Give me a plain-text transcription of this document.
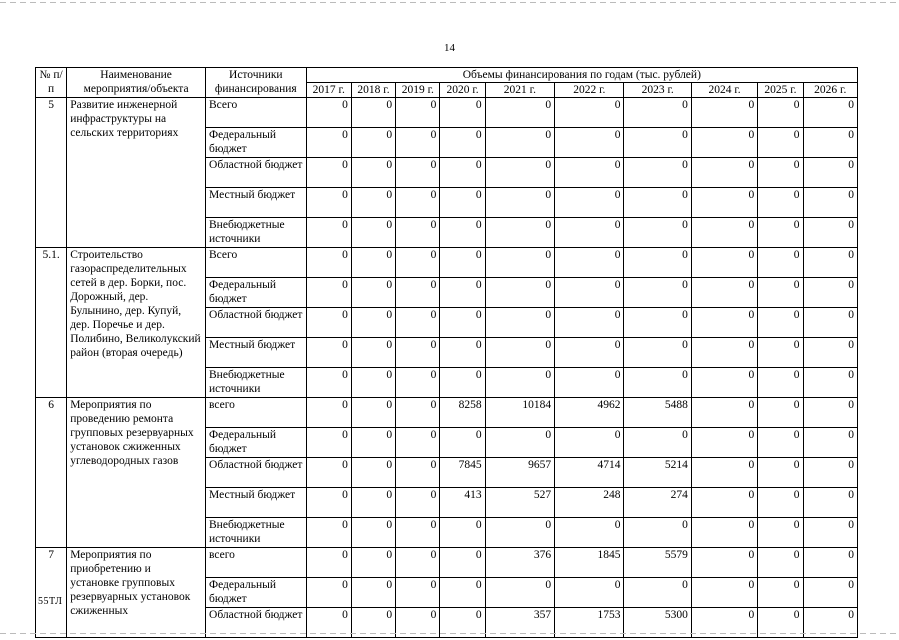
14
№ п/п	Наименование мероприятия/объекта	Источники финансирования	Объемы финансирования по годам (тыс. рублей)									
			2017 г.	2018 г.	2019 г.	2020 г.	2021 г.	2022 г.	2023 г.	2024 г.	2025 г.	2026 г.
5	Развитие инженерной инфраструктуры на сельских территориях	Всего	0	0	0	0	0	0	0	0	0	0
		Федеральный бюджет	0	0	0	0	0	0	0	0	0	0
		Областной бюджет	0	0	0	0	0	0	0	0	0	0
		Местный бюджет	0	0	0	0	0	0	0	0	0	0
		Внебюджетные источники	0	0	0	0	0	0	0	0	0	0
5.1.	Строительство газораспределительных сетей в дер. Борки, пос. Дорожный, дер. Булынино, дер. Купуй, дер. Поречье и дер. Полибино, Великолукский район (вторая очередь)	Всего	0	0	0	0	0	0	0	0	0	0
		Федеральный бюджет	0	0	0	0	0	0	0	0	0	0
		Областной бюджет	0	0	0	0	0	0	0	0	0	0
		Местный бюджет	0	0	0	0	0	0	0	0	0	0
		Внебюджетные источники	0	0	0	0	0	0	0	0	0	0
6	Мероприятия по проведению ремонта групповых резервуарных установок сжиженных углеводородных газов	всего	0	0	0	8258	10184	4962	5488	0	0	0
		Федеральный бюджет	0	0	0	0	0	0	0	0	0	0
		Областной бюджет	0	0	0	7845	9657	4714	5214	0	0	0
		Местный бюджет	0	0	0	413	527	248	274	0	0	0
		Внебюджетные источники	0	0	0	0	0	0	0	0	0	0
7	Мероприятия по приобретению и установке групповых резервуарных установок сжиженных	всего	0	0	0	0	376	1845	5579	0	0	0
		Федеральный бюджет	0	0	0	0	0	0	0	0	0	0
		Областной бюджет	0	0	0	0	357	1753	5300	0	0	0
55ТЛ
